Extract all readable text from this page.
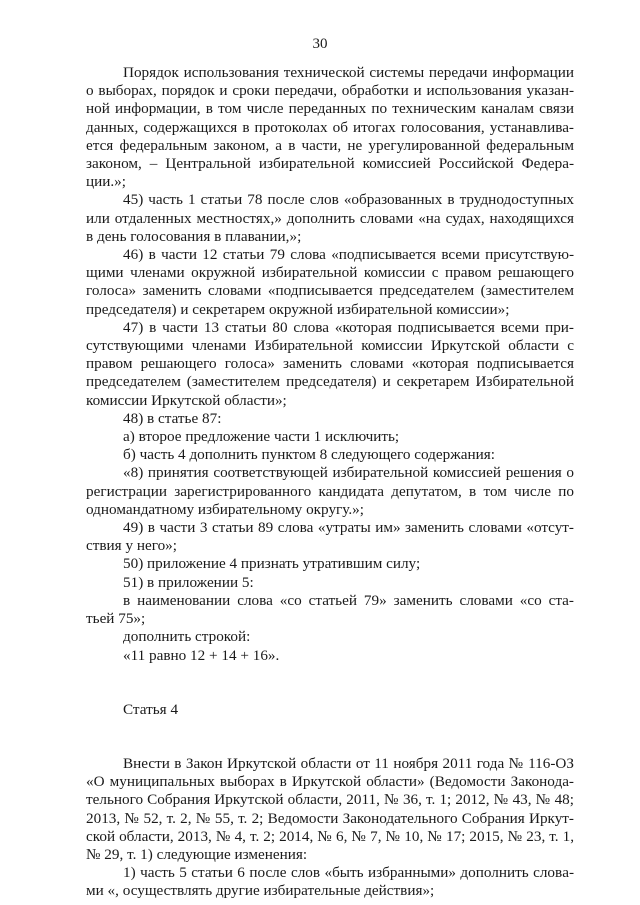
30
Порядок использования технической системы передачи информации
о выборах, порядок и сроки передачи, обработки и использования указан-
ной информации, в том числе переданных по техническим каналам связи
данных, содержащихся в протоколах об итогах голосования, устанавлива-
ется федеральным законом, а в части, не урегулированной федеральным
законом, – Центральной избирательной комиссией Российской Федера-
ции.»;
45) часть 1 статьи 78 после слов «образованных в труднодоступных
или отдаленных местностях,» дополнить словами «на судах, находящихся
в день голосования в плавании,»;
46) в части 12 статьи 79 слова «подписывается всеми присутствую-
щими членами окружной избирательной комиссии с правом решающего
голоса» заменить словами «подписывается председателем (заместителем
председателя) и секретарем окружной избирательной комиссии»;
47) в части 13 статьи 80 слова «которая подписывается всеми при-
сутствующими членами Избирательной комиссии Иркутской области с
правом решающего голоса» заменить словами «которая подписывается
председателем (заместителем председателя) и секретарем Избирательной
комиссии Иркутской области»;
48) в статье 87:
а) второе предложение части 1 исключить;
б) часть 4 дополнить пунктом 8 следующего содержания:
«8) принятия соответствующей избирательной комиссией решения о
регистрации зарегистрированного кандидата депутатом, в том числе по
одномандатному избирательному округу.»;
49) в части 3 статьи 89 слова «утраты им» заменить словами «отсут-
ствия у него»;
50) приложение 4 признать утратившим силу;
51) в приложении 5:
в наименовании слова «со статьей 79» заменить словами «со ста-
тьей 75»;
дополнить строкой:
«11 равно 12 + 14 + 16».
Статья 4
Внести в Закон Иркутской области от 11 ноября 2011 года № 116-ОЗ
«О муниципальных выборах в Иркутской области» (Ведомости Законода-
тельного Собрания Иркутской области, 2011, № 36, т. 1; 2012, № 43, № 48;
2013, № 52, т. 2, № 55, т. 2; Ведомости Законодательного Собрания Иркут-
ской области, 2013, № 4, т. 2; 2014, № 6, № 7, № 10, № 17; 2015, № 23, т. 1,
№ 29, т. 1) следующие изменения:
1) часть 5 статьи 6 после слов «быть избранными» дополнить словa-
ми «, осуществлять другие избирательные действия»;
